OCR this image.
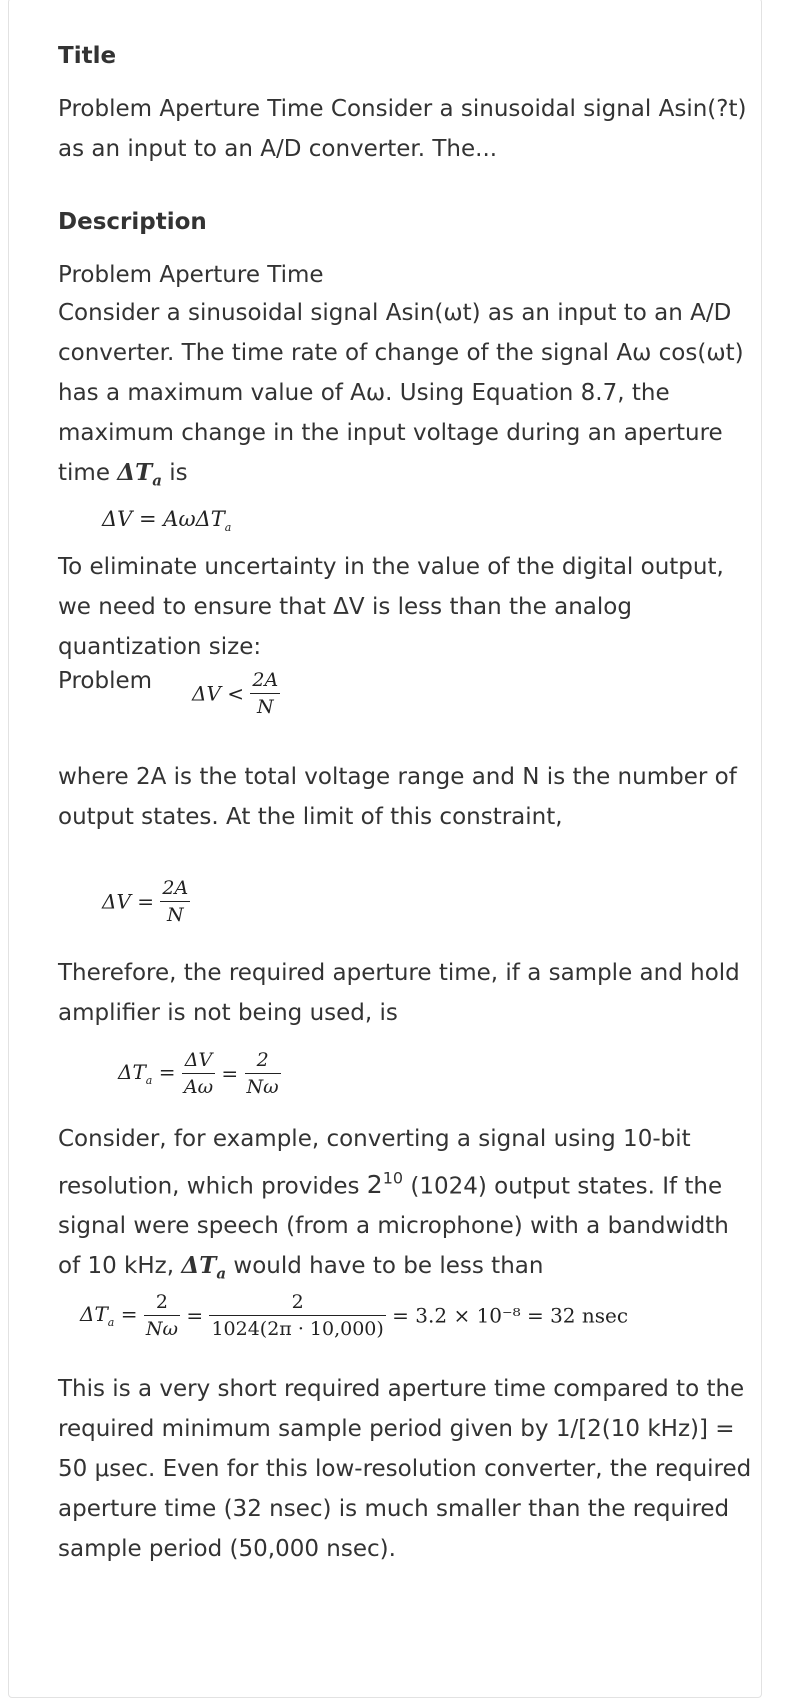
Title
Problem Aperture Time Consider a sinusoidal signal Asin(?t) as an input to an A/D converter. The...
Description
Problem Aperture Time
Consider a sinusoidal signal Asin(ωt) as an input to an A/D converter. The time rate of change of the signal Aω cos(ωt) has a maximum value of Aω. Using Equation 8.7, the maximum change in the input voltage during an aperture time $\Delta T_a$ is
ΔV = AωΔT$_a$
To eliminate uncertainty in the value of the digital output, we need to ensure that ΔV is less than the analog quantization size:
Problem $\Delta V < \frac{2A}{N}$
where 2A is the total voltage range and N is the number of output states. At the limit of this constraint,
$\Delta V = \frac{2A}{N}$
Therefore, the required aperture time, if a sample and hold amplifier is not being used, is
$\Delta T_a = \frac{\Delta V}{A\omega} = \frac{2}{N\omega}$
Consider, for example, converting a signal using 10-bit resolution, which provides $2^{10}$ (1024) output states. If the signal were speech (from a microphone) with a bandwidth of 10 kHz, $\Delta T_a$ would have to be less than
$\Delta T_a = \frac{2}{N\omega} = \frac{2}{1024(2\pi \cdot 10,000)} = 3.2 \times 10^{-8} = 32$ nsec
This is a very short required aperture time compared to the required minimum sample period given by 1/[2(10 kHz)] = 50 μsec. Even for this low-resolution converter, the required aperture time (32 nsec) is much smaller than the required sample period (50,000 nsec).
